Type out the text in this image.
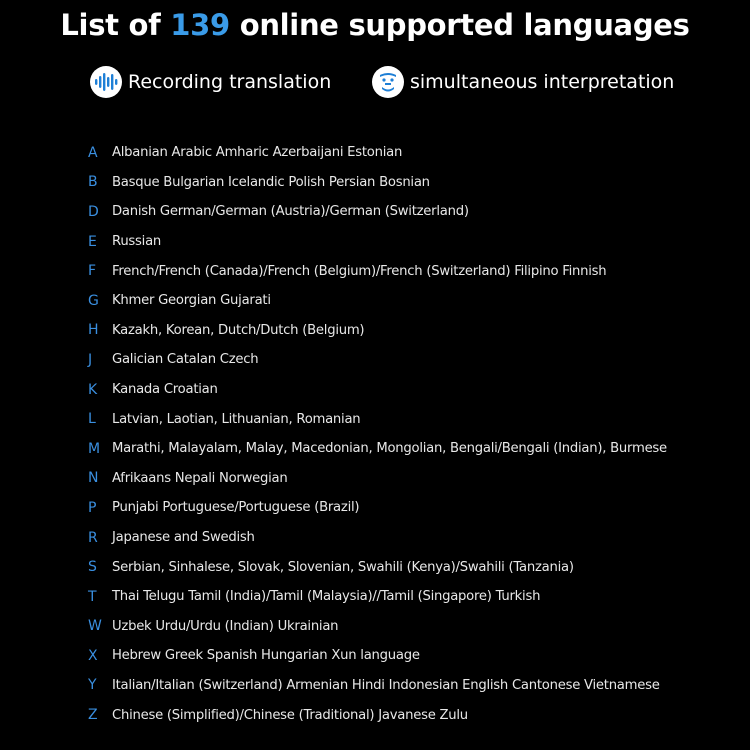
List of 139 online supported languages
Recording translation	simultaneous interpretation
A	Albanian Arabic Amharic Azerbaijani Estonian
B	Basque Bulgarian Icelandic Polish Persian Bosnian
D	Danish German/German (Austria)/German (Switzerland)
E	Russian
F	French/French (Canada)/French (Belgium)/French (Switzerland) Filipino Finnish
G Khmer Georgian Gujarati
H	Kazakh, Korean, Dutch/Dutch (Belgium)
J	Galician Catalan Czech
K	Kanada Croatian
L	Latvian, Laotian, Lithuanian, Romanian
M Marathi, Malayalam, Malay, Macedonian, Mongolian, Bengali/Bengali (Indian), Burmese
N	Afrikaans Nepali Norwegian
P	Punjabi Portuguese/Portuguese (Brazil)
R	Japanese and Swedish
S	Serbian, Sinhalese, Slovak, Slovenian, Swahili (Kenya)/Swahili (Tanzania)
T	Thai Telugu Tamil (India)/Tamil (Malaysia)//Tamil (Singapore) Turkish
W Uzbek Urdu/Urdu (Indian) Ukrainian
X	Hebrew Greek Spanish Hungarian Xun language
Y	Italian/Italian (Switzerland) Armenian Hindi Indonesian English Cantonese Vietnamese
Z	Chinese (Simplified)/Chinese (Traditional) Javanese Zulu
